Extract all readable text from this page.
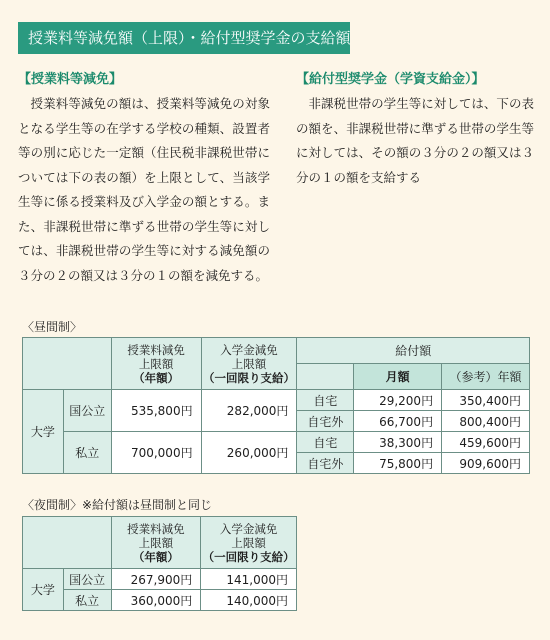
授業料等減免額（上限）・給付型奨学金の支給額
【授業料等減免】

授業料等減免の額は、授業料等減免の対象となる学生等の在学する学校の種類、設置者等の別に応じた一定額（住民税非課税世帯については下の表の額）を上限として、当該学生等に係る授業料及び入学金の額とする。また、非課税世帯に準ずる世帯の学生等に対しては、非課税世帯の学生等に対する減免額の３分の２の額又は３分の１の額を減免する。

【給付型奨学金（学資支給金）】

非課税世帯の学生等に対しては、下の表の額を、非課税世帯に準ずる世帯の学生等に対しては、その額の３分の２の額又は３分の１の額を支給する

〈昼間制〉
		授業料減免
上限額
（年額）	入学金減免
上限額
（一回限り支給）	給付額		
					月額	（参考）年額
大学	国公立	535,800円	282,000円	自宅	29,200円	350,400円
				自宅外	66,700円	800,400円
	私立	700,000円	260,000円	自宅	38,300円	459,600円
				自宅外	75,800円	909,600円
〈夜間制〉※給付額は昼間制と同じ
		授業料減免
上限額
（年額）	入学金減免
上限額
（一回限り支給）
大学	国公立	267,900円	141,000円
	私立	360,000円	140,000円
